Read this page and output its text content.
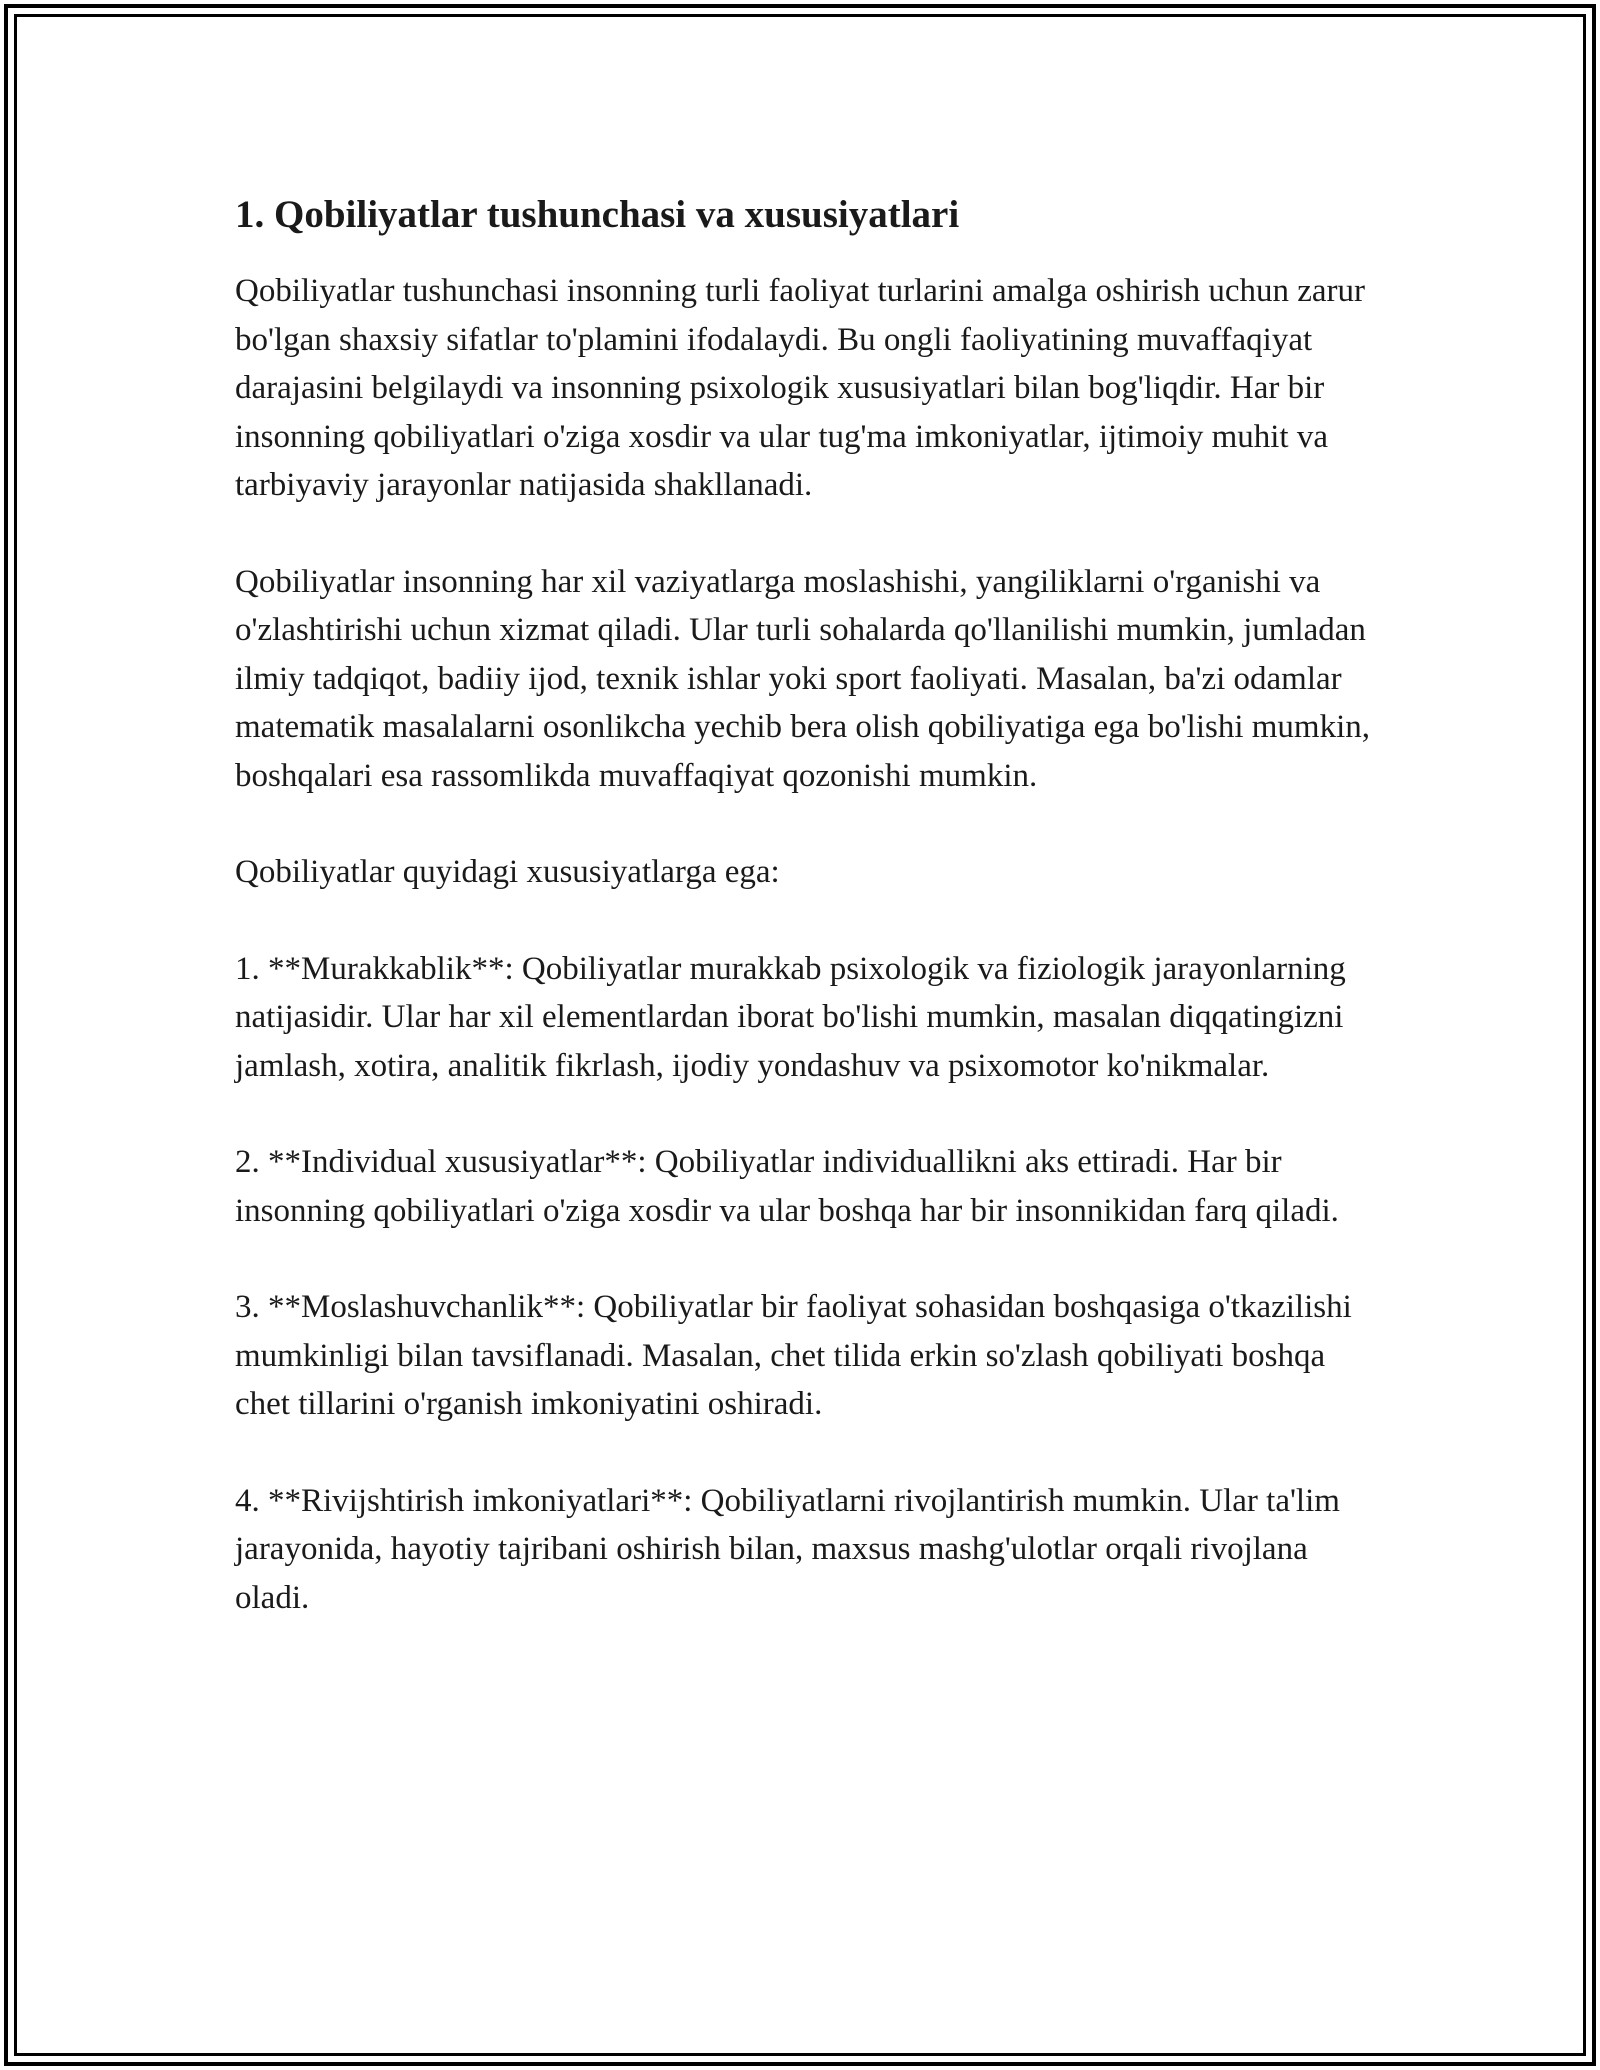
1. Qobiliyatlar tushunchasi va xususiyatlari

Qobiliyatlar tushunchasi insonning turli faoliyat turlarini amalga oshirish uchun zarur bo'lgan shaxsiy sifatlar to'plamini ifodalaydi. Bu ongli faoliyatining muvaffaqiyat darajasini belgilaydi va insonning psixologik xususiyatlari bilan bog'liqdir. Har bir insonning qobiliyatlari o'ziga xosdir va ular tug'ma imkoniyatlar, ijtimoiy muhit va tarbiyaviy jarayonlar natijasida shakllanadi.

Qobiliyatlar insonning har xil vaziyatlarga moslashishi, yangiliklarni o'rganishi va o'zlashtirishi uchun xizmat qiladi. Ular turli sohalarda qo'llanilishi mumkin, jumladan ilmiy tadqiqot, badiiy ijod, texnik ishlar yoki sport faoliyati. Masalan, ba'zi odamlar matematik masalalarni osonlikcha yechib bera olish qobiliyatiga ega bo'lishi mumkin, boshqalari esa rassomlikda muvaffaqiyat qozonishi mumkin.

Qobiliyatlar quyidagi xususiyatlarga ega:

1. **Murakkablik**: Qobiliyatlar murakkab psixologik va fiziologik jarayonlarning natijasidir. Ular har xil elementlardan iborat bo'lishi mumkin, masalan diqqatingizni jamlash, xotira, analitik fikrlash, ijodiy yondashuv va psixomotor ko'nikmalar.

2. **Individual xususiyatlar**: Qobiliyatlar individuallikni aks ettiradi. Har bir insonning qobiliyatlari o'ziga xosdir va ular boshqa har bir insonnikidan farq qiladi.

3. **Moslashuvchanlik**: Qobiliyatlar bir faoliyat sohasidan boshqasiga o'tkazilishi mumkinligi bilan tavsiflanadi. Masalan, chet tilida erkin so'zlash qobiliyati boshqa chet tillarini o'rganish imkoniyatini oshiradi.

4. **Rivijshtirish imkoniyatlari**: Qobiliyatlarni rivojlantirish mumkin. Ular ta'lim jarayonida, hayotiy tajribani oshirish bilan, maxsus mashg'ulotlar orqali rivojlana oladi.
